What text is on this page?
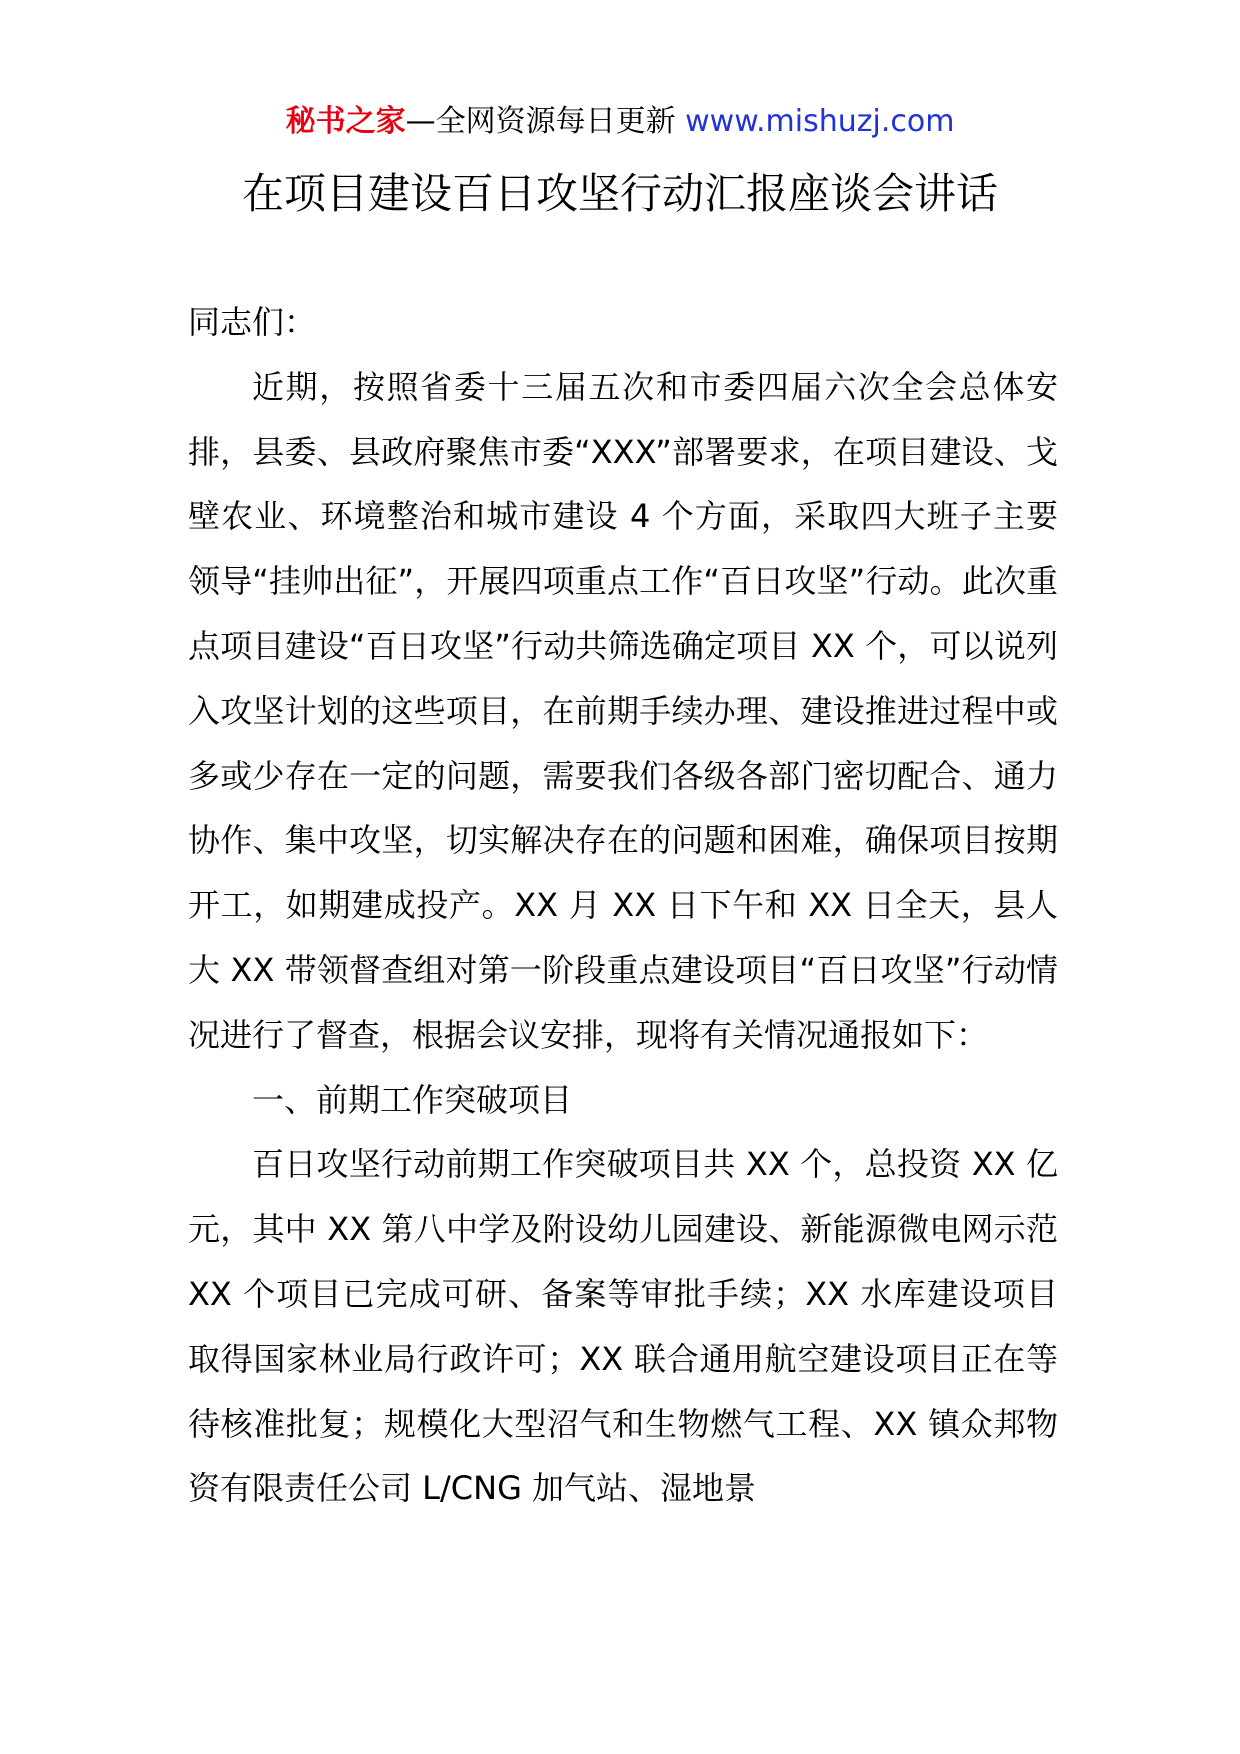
秘书之家—全网资源每日更新 www.mishuzj.com
在项目建设百日攻坚行动汇报座谈会讲话

同志们：

近期，按照省委十三届五次和市委四届六次全会总体安排，县委、县政府聚焦市委“XXX”部署要求，在项目建设、戈壁农业、环境整治和城市建设 4 个方面，采取四大班子主要领导“挂帅出征”，开展四项重点工作“百日攻坚”行动。此次重点项目建设“百日攻坚”行动共筛选确定项目 XX 个，可以说列入攻坚计划的这些项目，在前期手续办理、建设推进过程中或多或少存在一定的问题，需要我们各级各部门密切配合、通力协作、集中攻坚，切实解决存在的问题和困难，确保项目按期开工，如期建成投产。XX 月 XX 日下午和 XX 日全天，县人大 XX 带领督查组对第一阶段重点建设项目“百日攻坚”行动情况进行了督查，根据会议安排，现将有关情况通报如下：

一、前期工作突破项目

百日攻坚行动前期工作突破项目共 XX 个，总投资 XX 亿元，其中 XX 第八中学及附设幼儿园建设、新能源微电网示范 XX 个项目已完成可研、备案等审批手续；XX 水库建设项目取得国家林业局行政许可；XX 联合通用航空建设项目正在等待核准批复；规模化大型沼气和生物燃气工程、XX 镇众邦物资有限责任公司 L/CNG 加气站、湿地景
